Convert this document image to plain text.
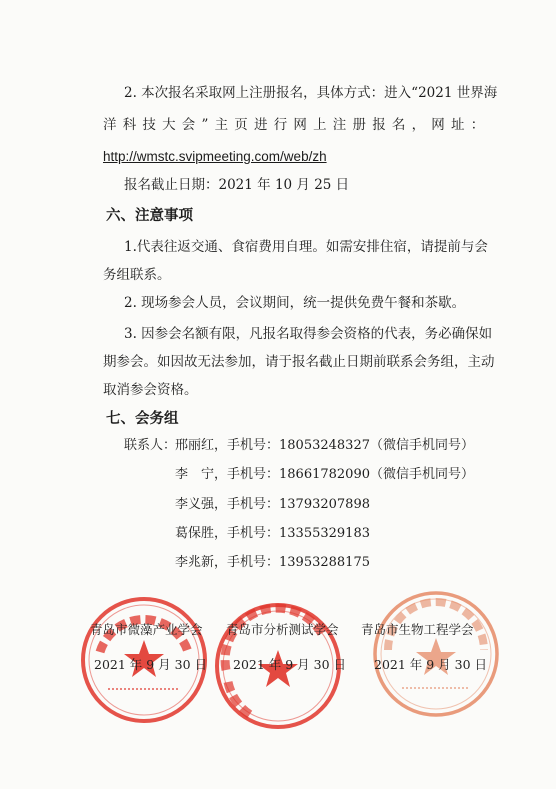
2. 本次报名采取网上注册报名，具体方式：进入“2021 世界海
洋科技大会”主页进行网上注册报名，网址：
http://wmstc.svipmeeting.com/web/zh
报名截止日期：2021 年 10 月 25 日
六、注意事项
1.代表往返交通、食宿费用自理。如需安排住宿，请提前与会
务组联系。
2. 现场参会人员，会议期间，统一提供免费午餐和茶歇。
3. 因参会名额有限，凡报名取得参会资格的代表，务必确保如
期参会。如因故无法参加，请于报名截止日期前联系会务组，主动
取消参会资格。
七、会务组
联系人：
邢丽红，手机号：18053248327（微信手机同号）
李　宁，手机号：18661782090（微信手机同号）
李义强，手机号：13793207898
葛保胜，手机号：13355329183
李兆新，手机号：13953288175
青岛市微藻产业学会 青岛市分析测试学会 青岛市生物工程学会
2021 年 9 月 30 日 2021 年 9 月 30 日 2021 年 9 月 30 日
